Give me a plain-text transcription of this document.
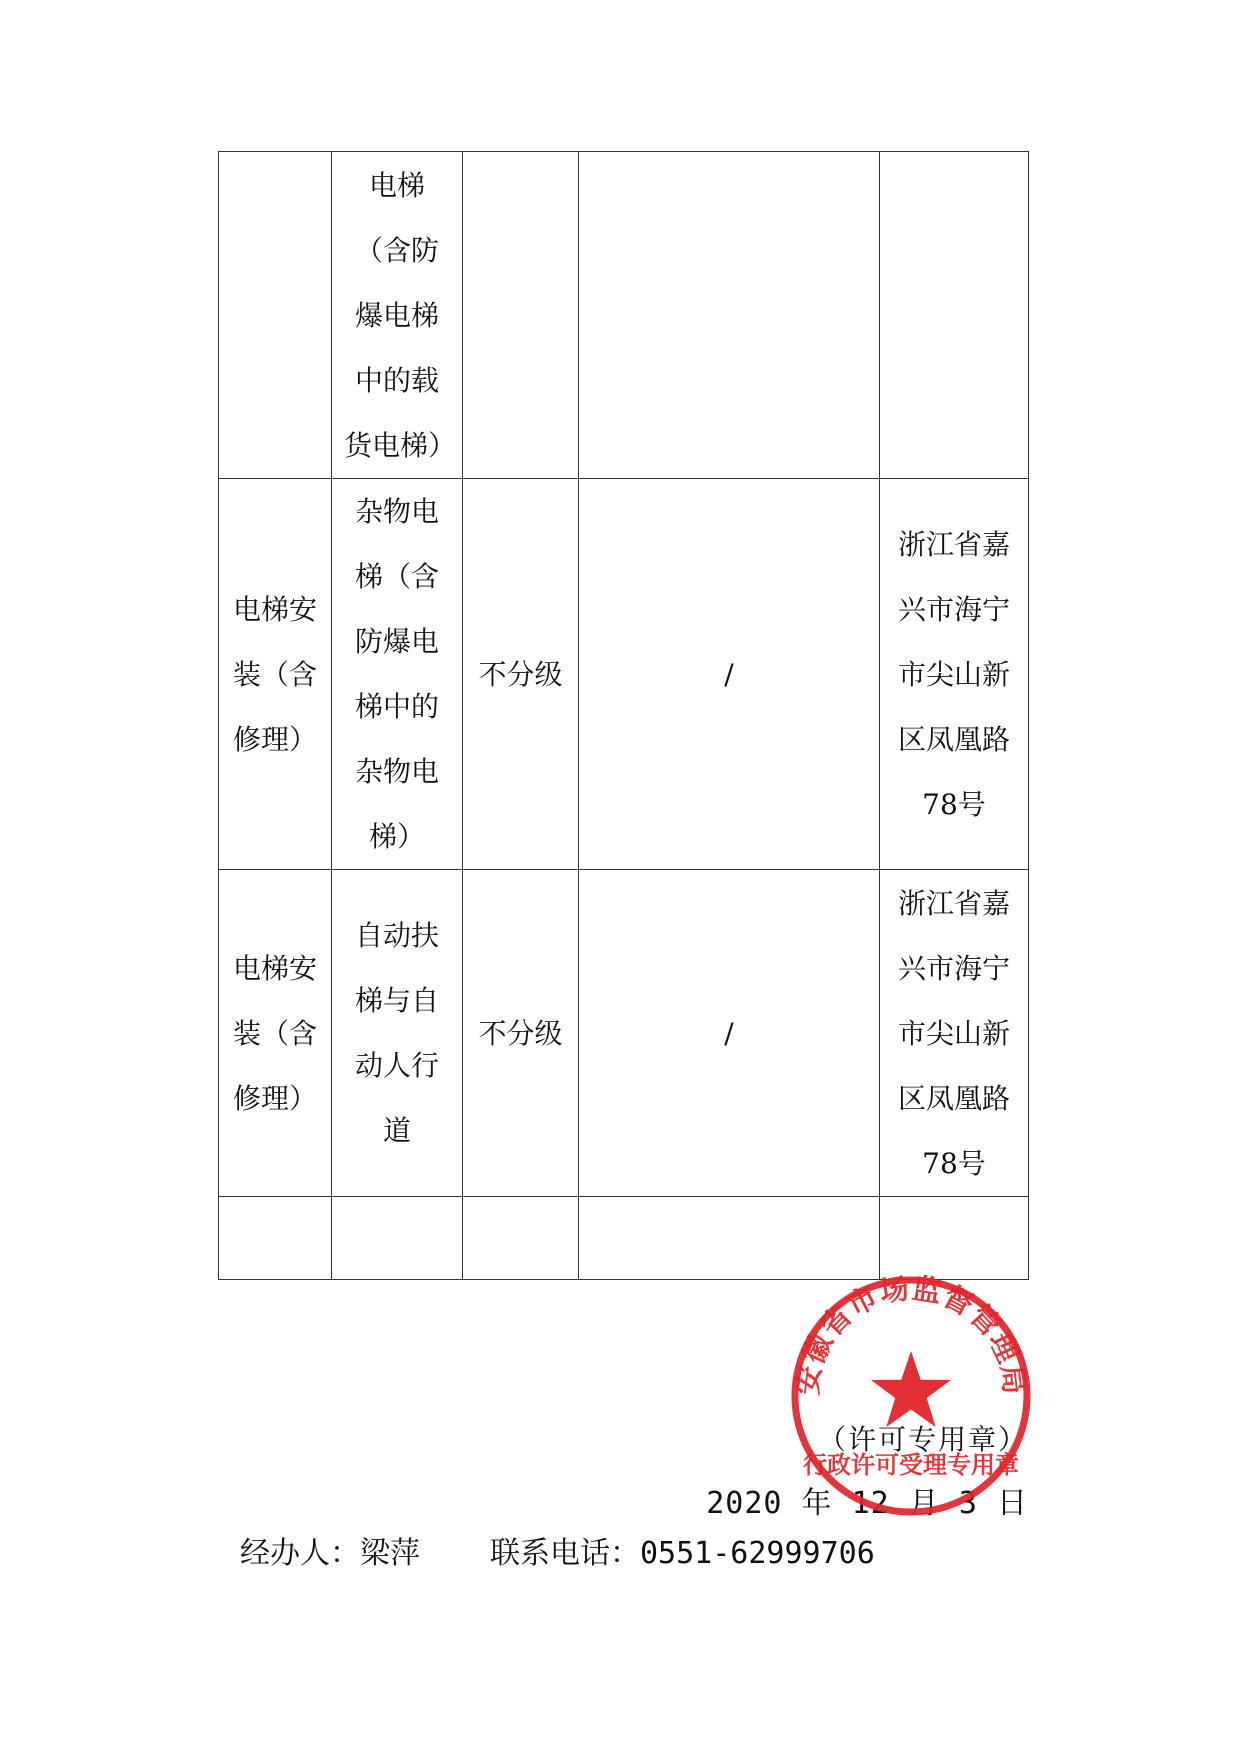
	电梯（含防爆电梯中的载货电梯）			

电梯安装（含修理）	杂物电梯（含防爆电梯中的杂物电梯）	不分级	/	浙江省嘉兴市海宁市尖山新区凤凰路78号

电梯安装（含修理）	自动扶梯与自动人行道	不分级	/	浙江省嘉兴市海宁市尖山新区凤凰路78号

（许可专用章）
2020 年 12 月 3 日
经办人：梁萍 联系电话：0551-62999706
安徽省市场监督管理局
行政许可受理专用章
